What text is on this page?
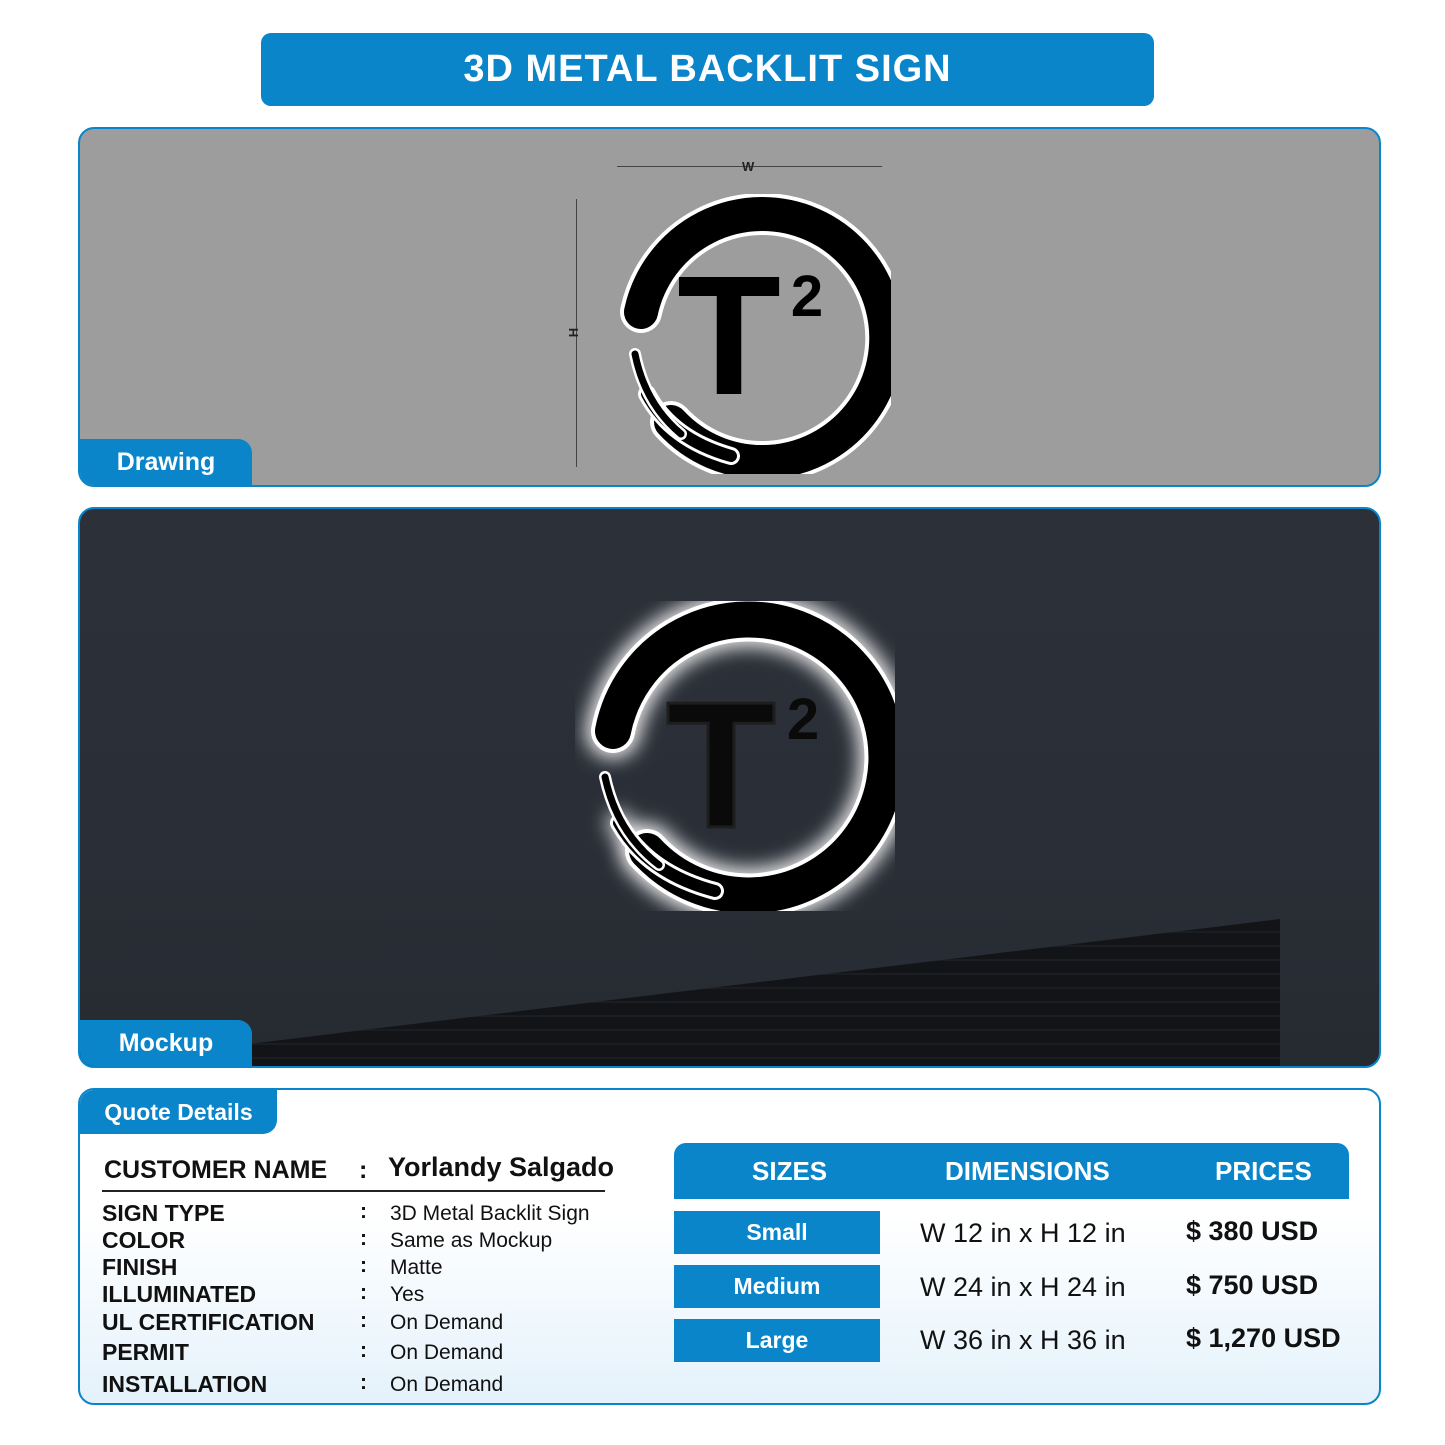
3D METAL BACKLIT SIGN
W
H T 2
Drawing
T 2
Mockup
Quote Details
CUSTOMER NAME : Yorlandy Salgado
SIGN TYPE	: 3D Metal Backlit Sign
COLOR	: Same as Mockup
FINISH	: Matte
ILLUMINATED	: Yes
UL CERTIFICATION : On Demand
PERMIT	: On Demand
INSTALLATION	: On Demand
SIZES	DIMENSIONS	PRICES
Small	W 12 in x H 12 in $ 380 USD
Medium	W 24 in x H 24 in $ 750 USD
Large	W 36 in x H 36 in $ 1,270 USD
